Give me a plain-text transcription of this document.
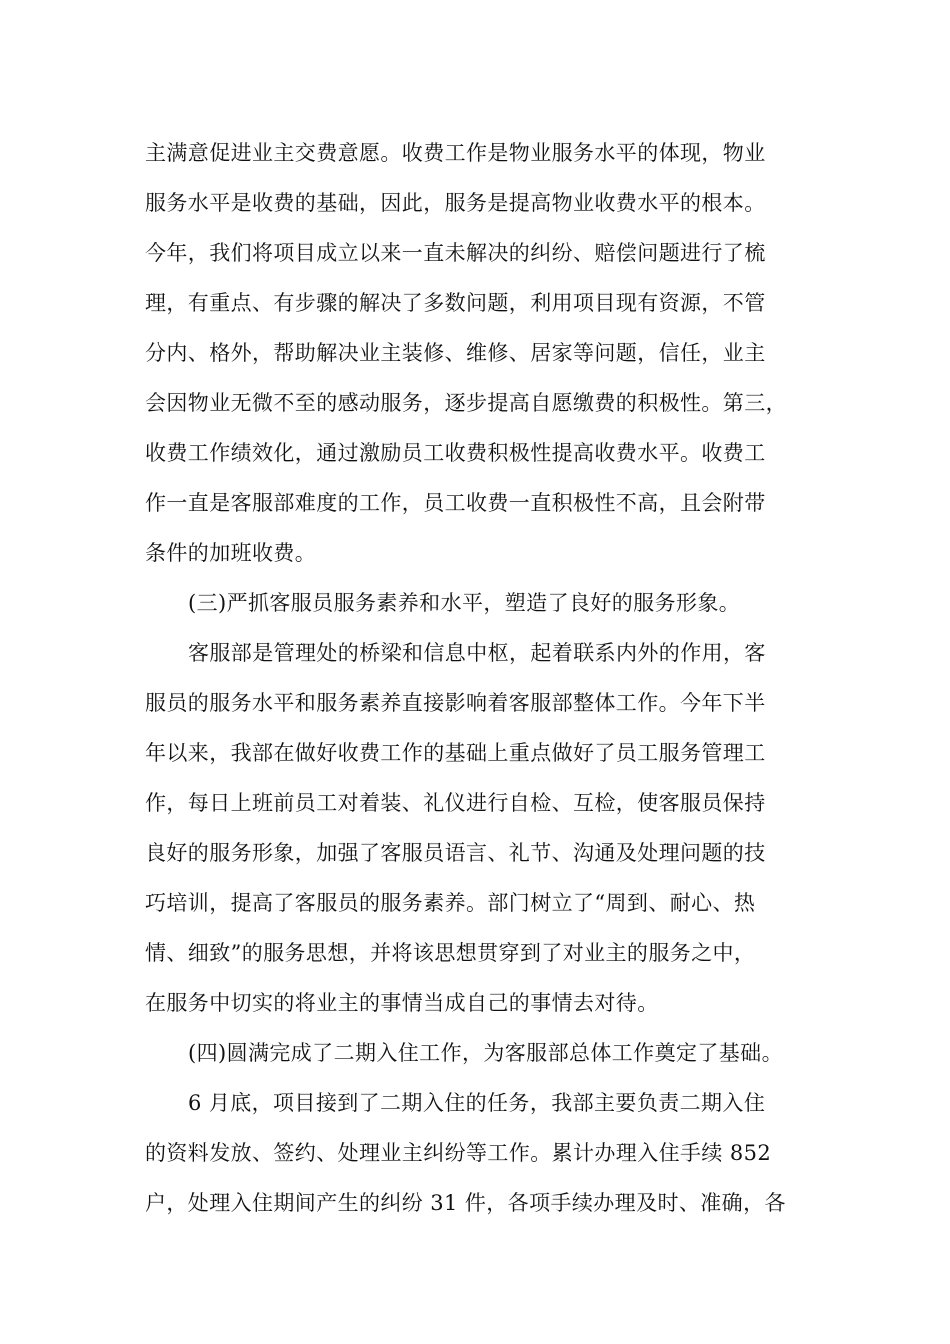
主满意促进业主交费意愿。收费工作是物业服务水平的体现，物业
服务水平是收费的基础，因此，服务是提高物业收费水平的根本。
今年，我们将项目成立以来一直未解决的纠纷、赔偿问题进行了梳
理，有重点、有步骤的解决了多数问题，利用项目现有资源，不管
分内、格外，帮助解决业主装修、维修、居家等问题，信任，业主
会因物业无微不至的感动服务，逐步提高自愿缴费的积极性。第三，
收费工作绩效化，通过激励员工收费积极性提高收费水平。收费工
作一直是客服部难度的工作，员工收费一直积极性不高，且会附带
条件的加班收费。
(三)严抓客服员服务素养和水平，塑造了良好的服务形象。
客服部是管理处的桥梁和信息中枢，起着联系内外的作用，客
服员的服务水平和服务素养直接影响着客服部整体工作。今年下半
年以来，我部在做好收费工作的基础上重点做好了员工服务管理工
作，每日上班前员工对着装、礼仪进行自检、互检，使客服员保持
良好的服务形象，加强了客服员语言、礼节、沟通及处理问题的技
巧培训，提高了客服员的服务素养。部门树立了“周到、耐心、热
情、细致”的服务思想，并将该思想贯穿到了对业主的服务之中，
在服务中切实的将业主的事情当成自己的事情去对待。
(四)圆满完成了二期入住工作，为客服部总体工作奠定了基础。
6 月底，项目接到了二期入住的任务，我部主要负责二期入住
的资料发放、签约、处理业主纠纷等工作。累计办理入住手续 852
户，处理入住期间产生的纠纷 31 件，各项手续办理及时、准确，各
